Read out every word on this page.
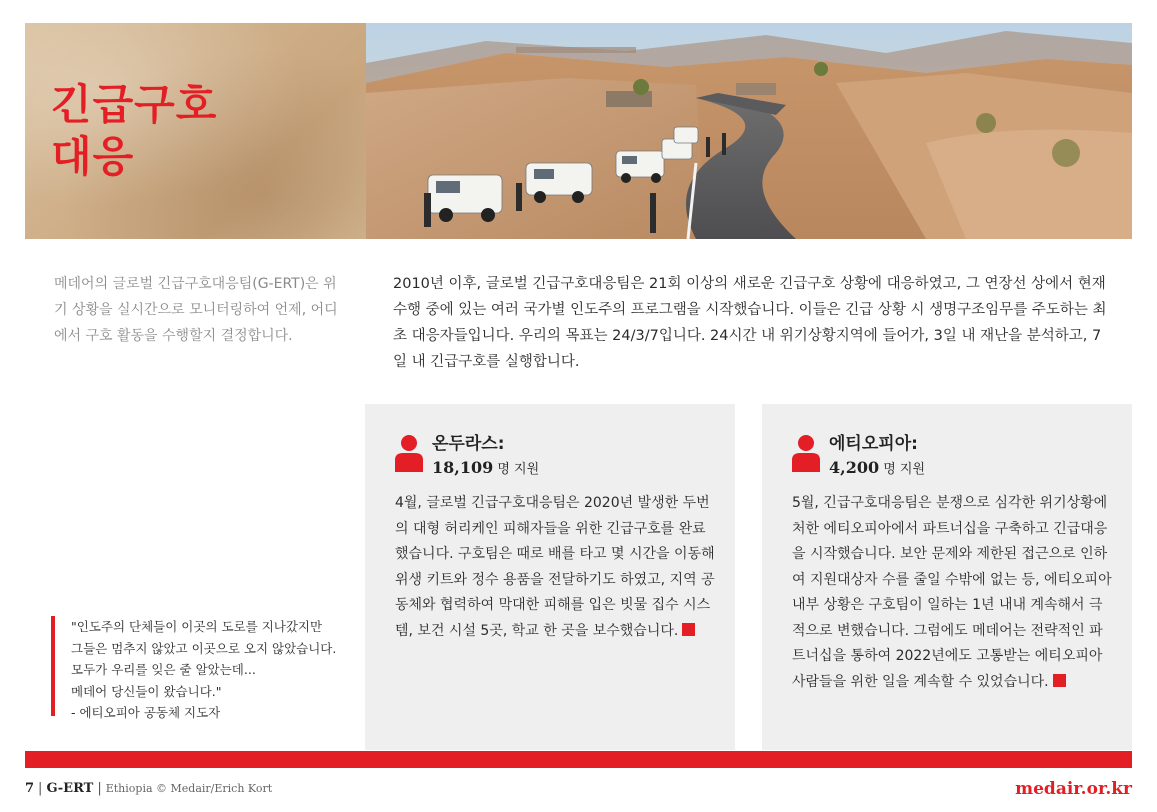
긴급구호
대응

메데어의 글로벌 긴급구호대응팀(G-ERT)은 위기 상황을 실시간으로 모니터링하여 언제, 어디에서 구호 활동을 수행할지 결정합니다.

2010년 이후, 글로벌 긴급구호대응팀은 21회 이상의 새로운 긴급구호 상황에 대응하였고, 그 연장선 상에서 현재 수행 중에 있는 여러 국가별 인도주의 프로그램을 시작했습니다. 이들은 긴급 상황 시 생명구조임무를 주도하는 최초 대응자들입니다. 우리의 목표는 24/3/7입니다. 24시간 내 위기상황지역에 들어가, 3일 내 재난을 분석하고, 7일 내 긴급구호를 실행합니다.

"인도주의 단체들이 이곳의 도로를 지나갔지만

그들은 멈추지 않았고 이곳으로 오지 않았습니다.

모두가 우리를 잊은 줄 알았는데...

메데어 당신들이 왔습니다."

- 에티오피아 공동체 지도자

온두라스:
18,109 명 지원

4월, 글로벌 긴급구호대응팀은 2020년 발생한 두번의 대형 허리케인 피해자들을 위한 긴급구호를 완료했습니다. 구호팀은 때로 배를 타고 몇 시간을 이동해 위생 키트와 정수 용품을 전달하기도 하였고, 지역 공동체와 협력하여 막대한 피해를 입은 빗물 집수 시스템, 보건 시설 5곳, 학교 한 곳을 보수했습니다.

에티오피아:
4,200 명 지원

5월, 긴급구호대응팀은 분쟁으로 심각한 위기상황에 처한 에티오피아에서 파트너십을 구축하고 긴급대응을 시작했습니다. 보안 문제와 제한된 접근으로 인하여 지원대상자 수를 줄일 수밖에 없는 등, 에티오피아 내부 상황은 구호팀이 일하는 1년 내내 계속해서 극적으로 변했습니다. 그럼에도 메데어는 전략적인 파트너십을 통하여 2022년에도 고통받는 에티오피아 사람들을 위한 일을 계속할 수 있었습니다.

7 | G-ERT | Ethiopia © Medair/Erich Kort	medair.or.kr
